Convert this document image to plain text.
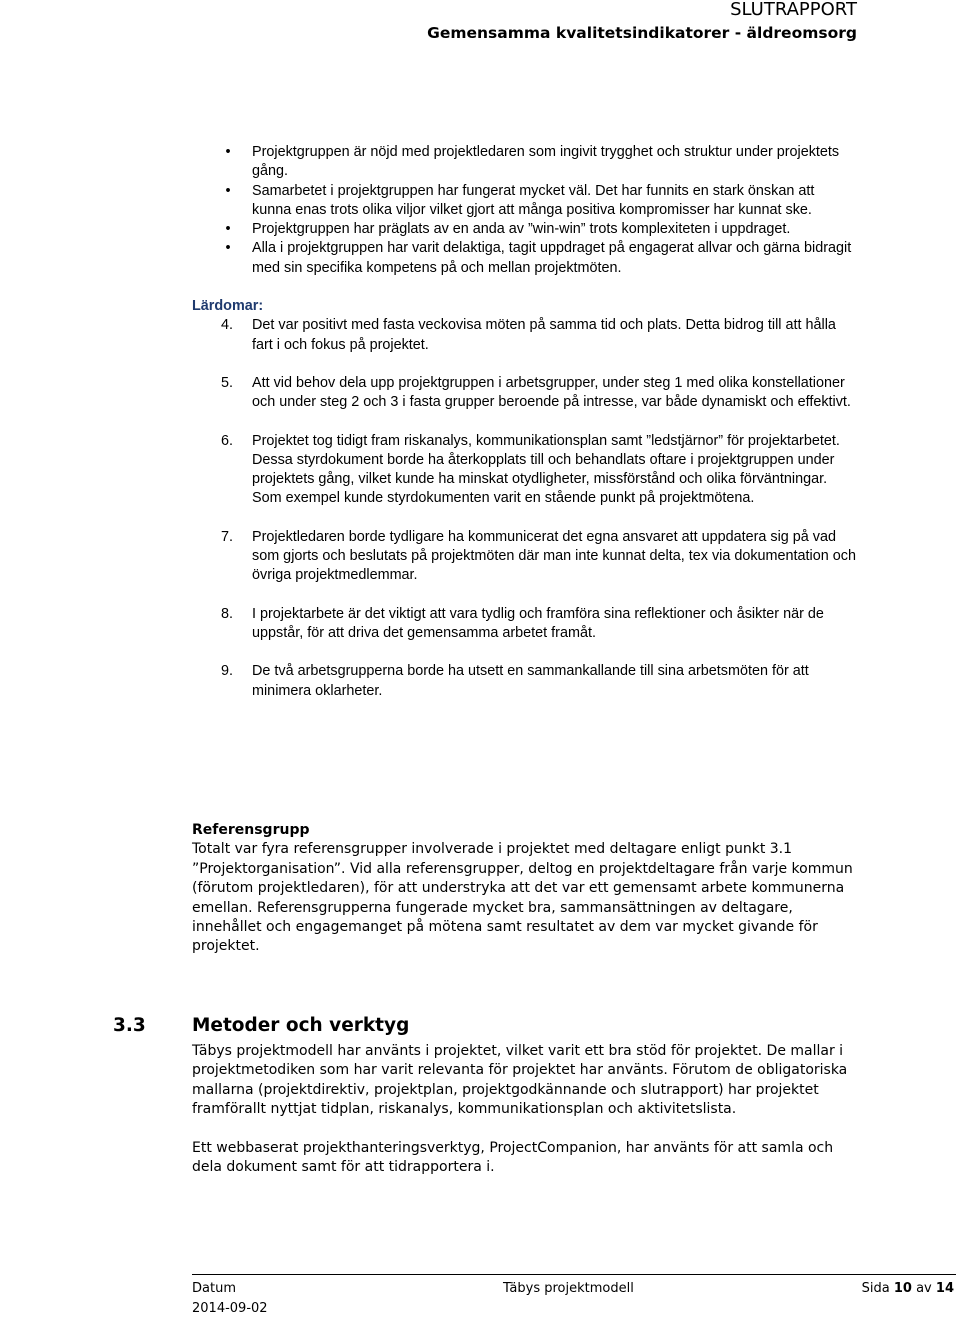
SLUTRAPPORT
Gemensamma kvalitetsindikatorer - äldreomsorg
• Projektgruppen är nöjd med projektledaren som ingivit trygghet och struktur under projektets gång.
• Samarbetet i projektgruppen har fungerat mycket väl. Det har funnits en stark önskan att kunna enas trots olika viljor vilket gjort att många positiva kompromisser har kunnat ske.
• Projektgruppen har präglats av en anda av ”win-win” trots komplexiteten i uppdraget.
• Alla i projektgruppen har varit delaktiga, tagit uppdraget på engagerat allvar och gärna bidragit med sin specifika kompetens på och mellan projektmöten.
Lärdomar:
4. Det var positivt med fasta veckovisa möten på samma tid och plats. Detta bidrog till att hålla fart i och fokus på projektet.
5. Att vid behov dela upp projektgruppen i arbetsgrupper, under steg 1 med olika konstellationer och under steg 2 och 3 i fasta grupper beroende på intresse, var både dynamiskt och effektivt.
6. Projektet tog tidigt fram riskanalys, kommunikationsplan samt ”ledstjärnor” för projektarbetet. Dessa styrdokument borde ha återkopplats till och behandlats oftare i projektgruppen under projektets gång, vilket kunde ha minskat otydligheter, missförstånd och olika förväntningar. Som exempel kunde styrdokumenten varit en stående punkt på projektmötena.
7. Projektledaren borde tydligare ha kommunicerat det egna ansvaret att uppdatera sig på vad som gjorts och beslutats på projektmöten där man inte kunnat delta, tex via dokumentation och övriga projektmedlemmar.
8. I projektarbete är det viktigt att vara tydlig och framföra sina reflektioner och åsikter när de uppstår, för att driva det gemensamma arbetet framåt.
9. De två arbetsgrupperna borde ha utsett en sammankallande till sina arbetsmöten för att minimera oklarheter.
Referensgrupp
Totalt var fyra referensgrupper involverade i projektet med deltagare enligt punkt 3.1 ”Projektorganisation”. Vid alla referensgrupper, deltog en projektdeltagare från varje kommun (förutom projektledaren), för att understryka att det var ett gemensamt arbete kommunerna emellan. Referensgrupperna fungerade mycket bra, sammansättningen av deltagare, innehållet och engagemanget på mötena samt resultatet av dem var mycket givande för projektet.
3.3 Metoder och verktyg

Täbys projektmodell har använts i projektet, vilket varit ett bra stöd för projektet. De mallar i projektmetodiken som har varit relevanta för projektet har använts. Förutom de obligatoriska mallarna (projektdirektiv, projektplan, projektgodkännande och slutrapport) har projektet framförallt nyttjat tidplan, riskanalys, kommunikationsplan och aktivitetslista.

Ett webbaserat projekthanteringsverktyg, ProjectCompanion, har använts för att samla och dela dokument samt för att tidrapportera i.

Datum
2014-09-02
Täbys projektmodell	Sida 10 av 14
